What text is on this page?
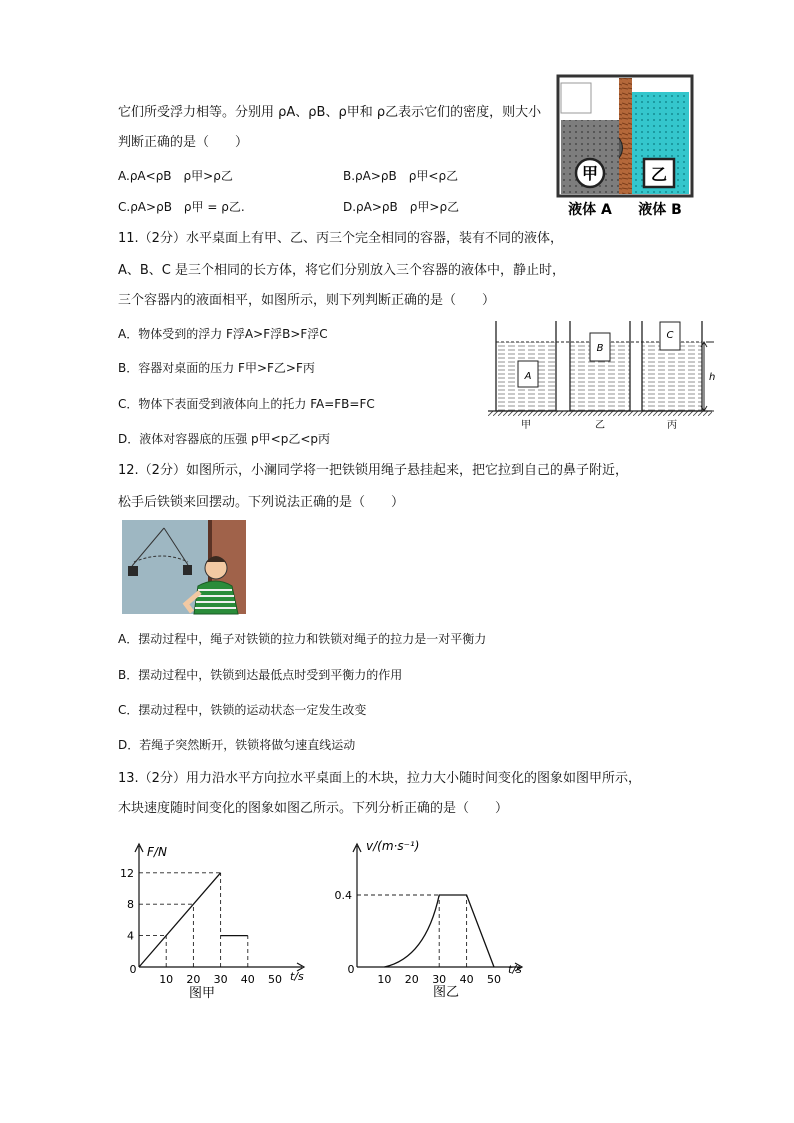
它们所受浮力相等。分别用 ρA、ρB、ρ甲和 ρ乙表示它们的密度，则大小
判断正确的是（　　）
A.ρA<ρB　ρ甲>ρ乙	B.ρA>ρB　ρ甲<ρ乙
C.ρA>ρB　ρ甲 = ρ乙.	D.ρA>ρB　ρ甲>ρ乙
甲	乙
液体 A 液体 B
11.（2分）水平桌面上有甲、乙、丙三个完全相同的容器，装有不同的液体，
A、B、C 是三个相同的长方体，将它们分别放入三个容器的液体中，静止时，
三个容器内的液面相平，如图所示，则下列判断正确的是（　　）
A．物体受到的浮力 F浮A>F浮B>F浮C
B．容器对桌面的压力 F甲>F乙>F丙
C．物体下表面受到液体向上的托力 FA=FB=FC
D．液体对容器底的压强 p甲<p乙<p丙
A
B
C
h
甲	乙	丙
12.（2分）如图所示，小澜同学将一把铁锁用绳子悬挂起来，把它拉到自己的鼻子附近，
松手后铁锁来回摆动。下列说法正确的是（　　）
A．摆动过程中，绳子对铁锁的拉力和铁锁对绳子的拉力是一对平衡力
B．摆动过程中，铁锁到达最低点时受到平衡力的作用
C．摆动过程中，铁锁的运动状态一定发生改变
D．若绳子突然断开，铁锁将做匀速直线运动
13.（2分）用力沿水平方向拉水平桌面上的木块，拉力大小随时间变化的图象如图甲所示，
木块速度随时间变化的图象如图乙所示。下列分析正确的是（　　）
F/N
t/s
0
10 20 30 40 50
4
8
12
图甲
v/(m·s⁻¹)
t/s
0
10 20 30 40 50
0.4
图乙
